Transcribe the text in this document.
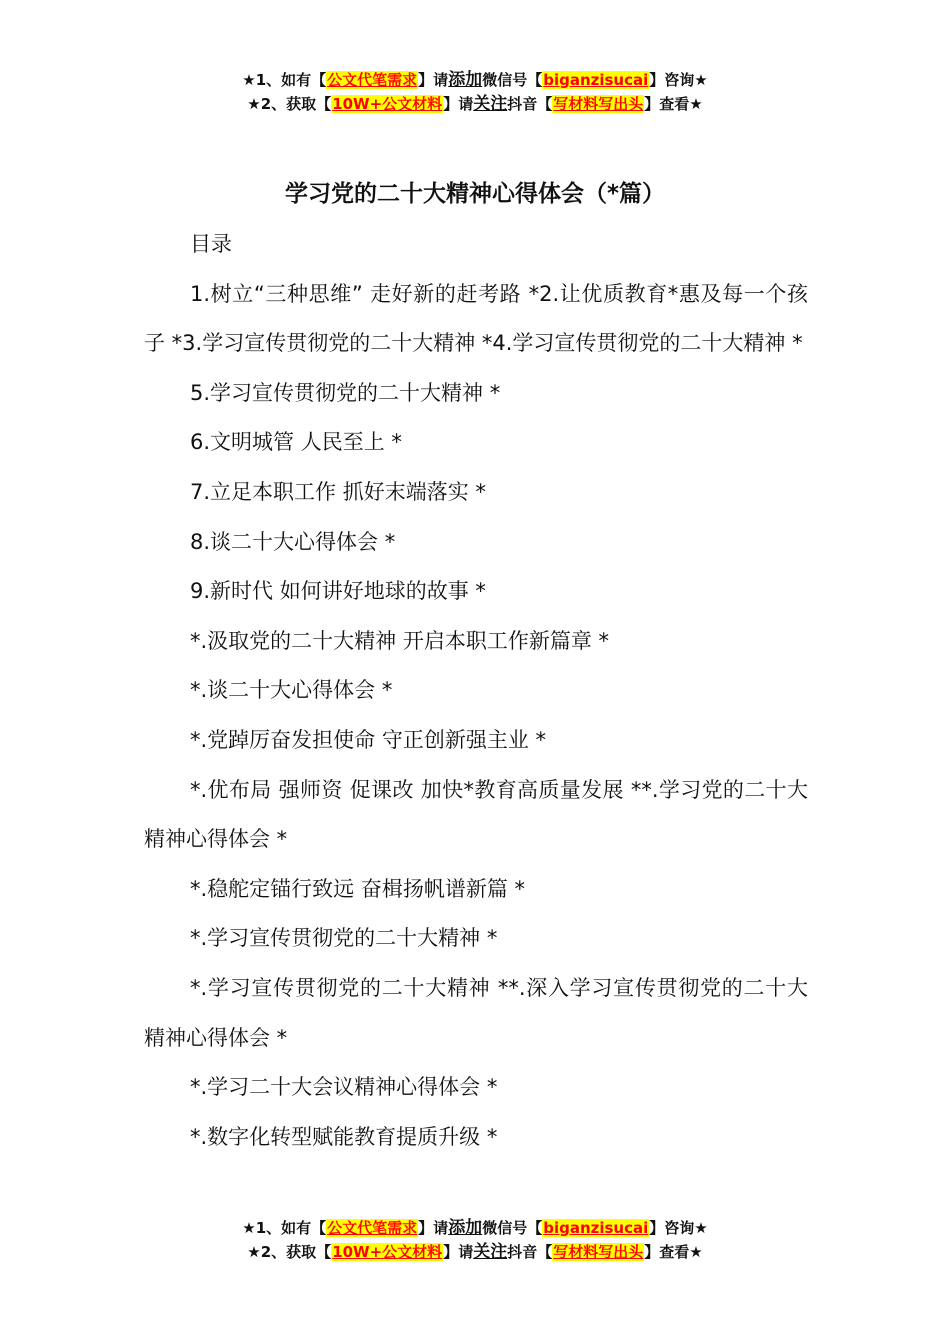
★1、如有【公文代笔需求】请添加微信号【biganzisucai】咨询★
★2、获取【10W+公文材料】请关注抖音【写材料写出头】查看★
学习党的二十大精神心得体会（*篇）
目录

1.树立“三种思维” 走好新的赶考路 *2.让优质教育*惠及每一个孩子 *3.学习宣传贯彻党的二十大精神 *4.学习宣传贯彻党的二十大精神 *

5.学习宣传贯彻党的二十大精神 *

6.文明城管 人民至上 *

7.立足本职工作 抓好末端落实 *

8.谈二十大心得体会 *

9.新时代 如何讲好地球的故事 *

*.汲取党的二十大精神 开启本职工作新篇章 *

*.谈二十大心得体会 *

*.党踔厉奋发担使命 守正创新强主业 *

*.优布局 强师资 促课改 加快*教育高质量发展 **.学习党的二十大精神心得体会 *

*.稳舵定锚行致远 奋楫扬帆谱新篇 *

*.学习宣传贯彻党的二十大精神 *

*.学习宣传贯彻党的二十大精神 **.深入学习宣传贯彻党的二十大精神心得体会 *

*.学习二十大会议精神心得体会 *

*.数字化转型赋能教育提质升级 *

★1、如有【公文代笔需求】请添加微信号【biganzisucai】咨询★
★2、获取【10W+公文材料】请关注抖音【写材料写出头】查看★
